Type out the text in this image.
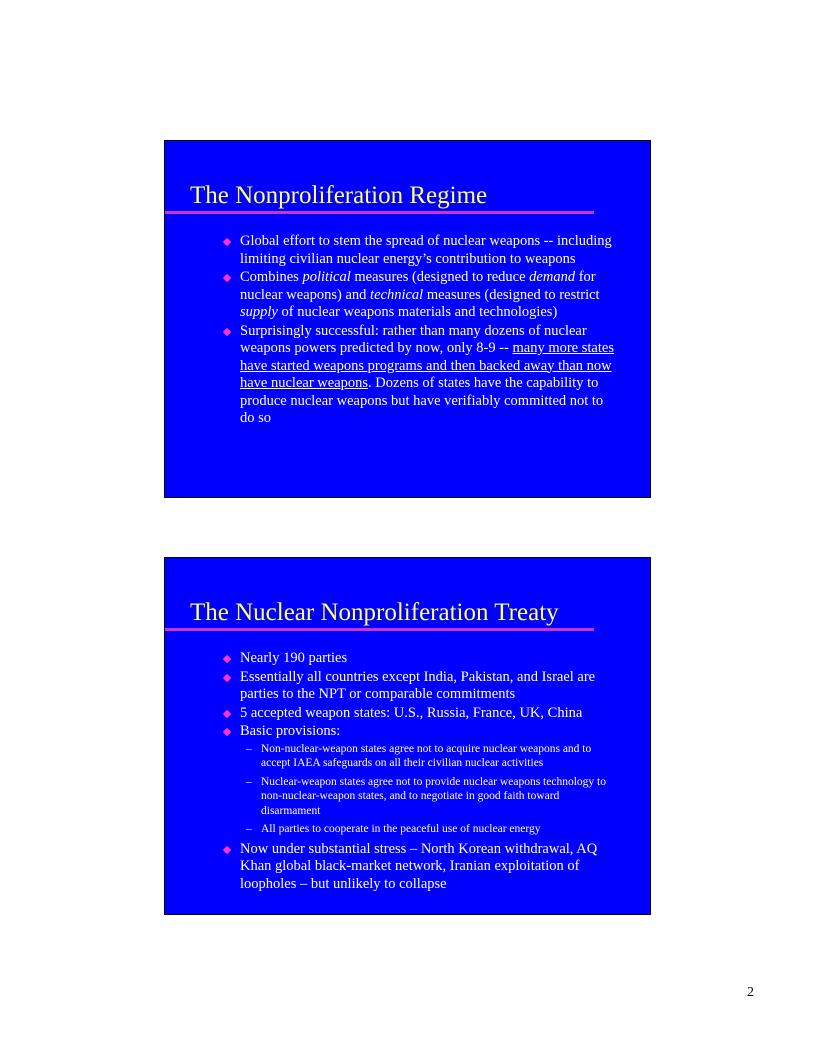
The Nonproliferation Regime
Global effort to stem the spread of nuclear weapons -- including limiting civilian nuclear energy’s contribution to weapons
Combines political measures (designed to reduce demand for nuclear weapons) and technical measures (designed to restrict supply of nuclear weapons materials and technologies)
Surprisingly successful: rather than many dozens of nuclear weapons powers predicted by now, only 8-9 -- many more states have started weapons programs and then backed away than now have nuclear weapons. Dozens of states have the capability to produce nuclear weapons but have verifiably committed not to do so
The Nuclear Nonproliferation Treaty
Nearly 190 parties
Essentially all countries except India, Pakistan, and Israel are parties to the NPT or comparable commitments
5 accepted weapon states: U.S., Russia, France, UK, China
Basic provisions:
– Non-nuclear-weapon states agree not to acquire nuclear weapons and to accept IAEA safeguards on all their civilian nuclear activities
– Nuclear-weapon states agree not to provide nuclear weapons technology to non-nuclear-weapon states, and to negotiate in good faith toward disarmament
– All parties to cooperate in the peaceful use of nuclear energy
Now under substantial stress – North Korean withdrawal, AQ Khan global black-market network, Iranian exploitation of loopholes – but unlikely to collapse
2
